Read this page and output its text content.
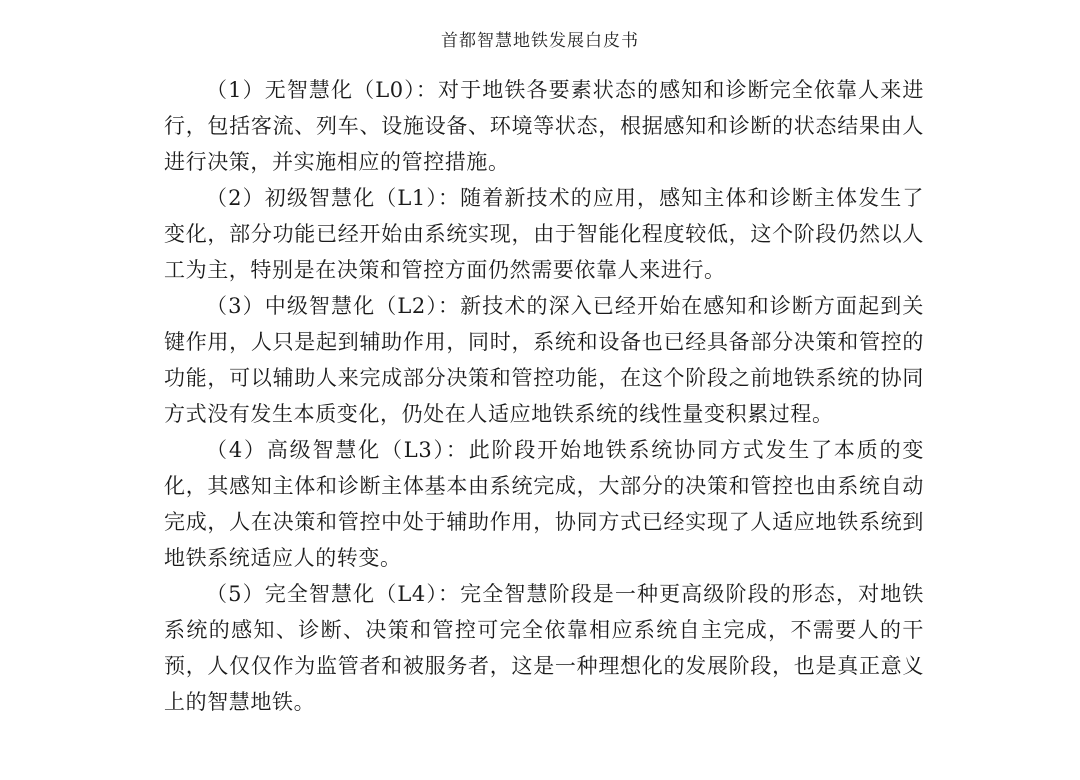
首都智慧地铁发展白皮书

（1）无智慧化（L0）：对于地铁各要素状态的感知和诊断完全依靠人来进行，包括客流、列车、设施设备、环境等状态，根据感知和诊断的状态结果由人进行决策，并实施相应的管控措施。

（2）初级智慧化（L1）：随着新技术的应用，感知主体和诊断主体发生了变化，部分功能已经开始由系统实现，由于智能化程度较低，这个阶段仍然以人工为主，特别是在决策和管控方面仍然需要依靠人来进行。

（3）中级智慧化（L2）：新技术的深入已经开始在感知和诊断方面起到关键作用，人只是起到辅助作用，同时，系统和设备也已经具备部分决策和管控的功能，可以辅助人来完成部分决策和管控功能，在这个阶段之前地铁系统的协同方式没有发生本质变化，仍处在人适应地铁系统的线性量变积累过程。

（4）高级智慧化（L3）：此阶段开始地铁系统协同方式发生了本质的变化，其感知主体和诊断主体基本由系统完成，大部分的决策和管控也由系统自动完成，人在决策和管控中处于辅助作用，协同方式已经实现了人适应地铁系统到地铁系统适应人的转变。

（5）完全智慧化（L4）：完全智慧阶段是一种更高级阶段的形态，对地铁系统的感知、诊断、决策和管控可完全依靠相应系统自主完成，不需要人的干预，人仅仅作为监管者和被服务者，这是一种理想化的发展阶段，也是真正意义上的智慧地铁。
